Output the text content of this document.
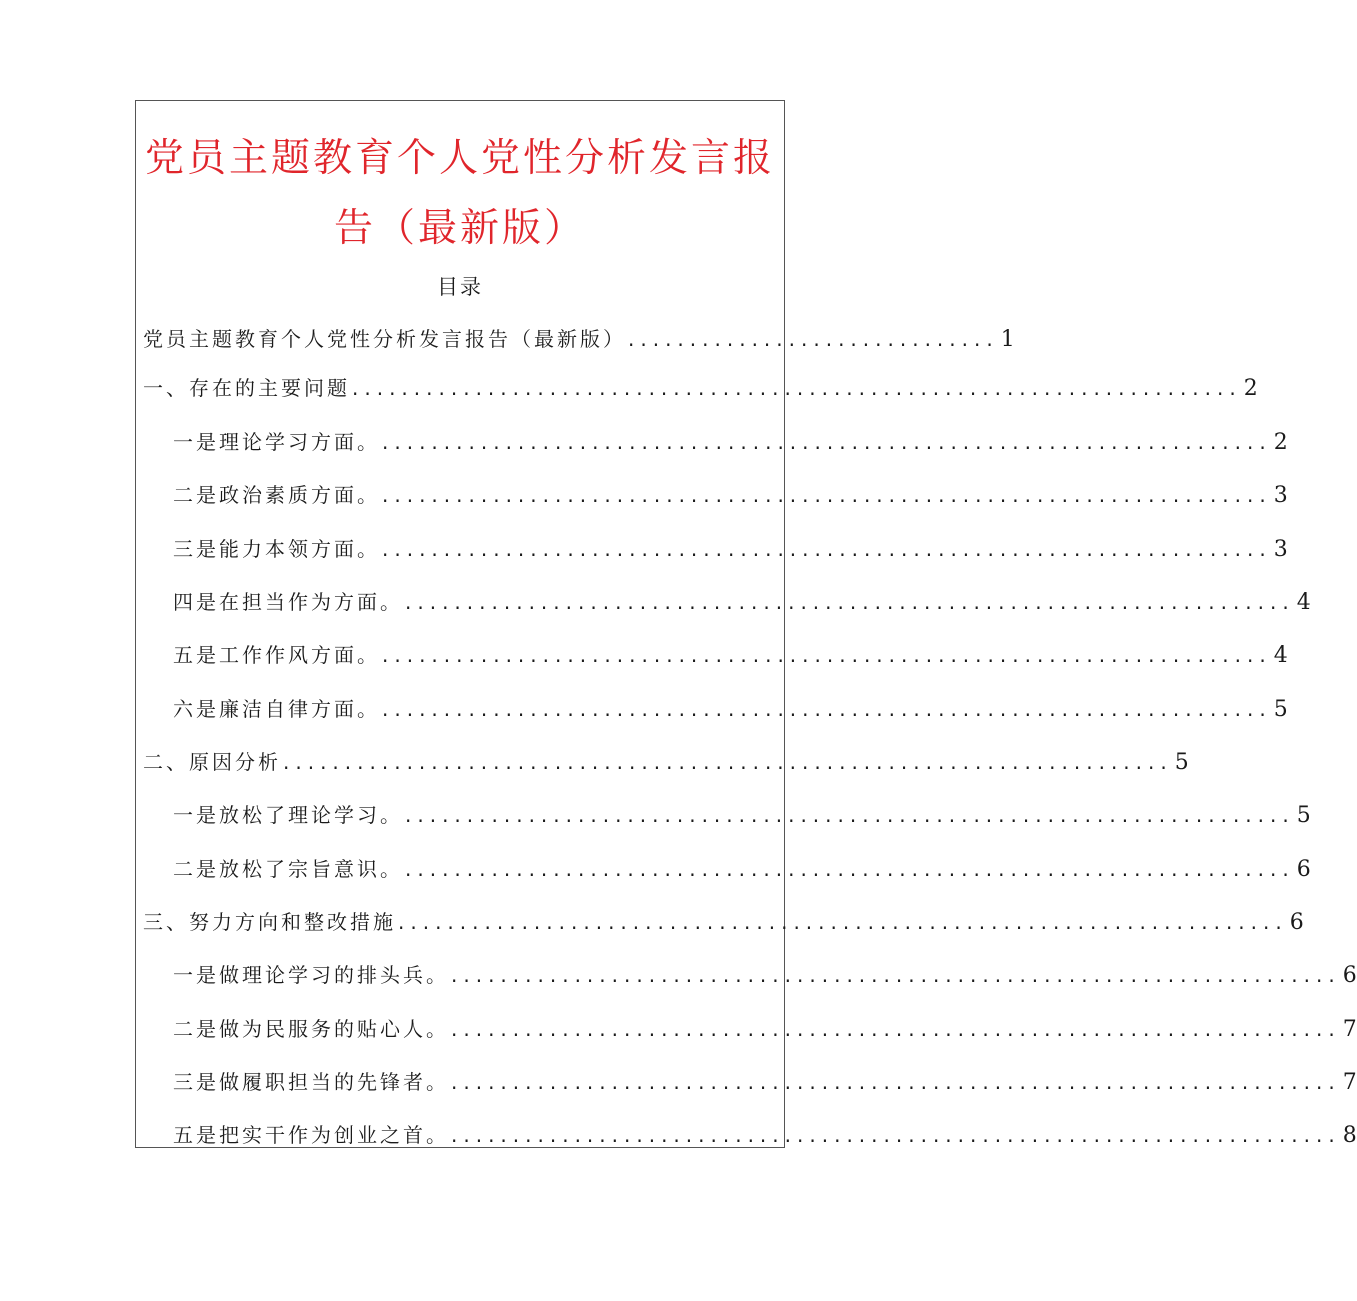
党员主题教育个人党性分析发言报
告（最新版）
目录
党员主题教育个人党性分析发言报告（最新版） .............................. 1
一、存在的主要问题 ........................................................................ 2
一是理论学习方面。 ........................................................................ 2
二是政治素质方面。 ........................................................................ 3
三是能力本领方面。 ........................................................................ 3
四是在担当作为方面。 ........................................................................ 4
五是工作作风方面。 ........................................................................ 4
六是廉洁自律方面。 ........................................................................ 5
二、原因分析 ........................................................................ 5
一是放松了理论学习。 ........................................................................ 5
二是放松了宗旨意识。 ........................................................................ 6
三、努力方向和整改措施 ........................................................................ 6
一是做理论学习的排头兵。 ........................................................................ 6
二是做为民服务的贴心人。 ........................................................................ 7
三是做履职担当的先锋者。 ........................................................................ 7
五是把实干作为创业之首。 ........................................................................ 8
